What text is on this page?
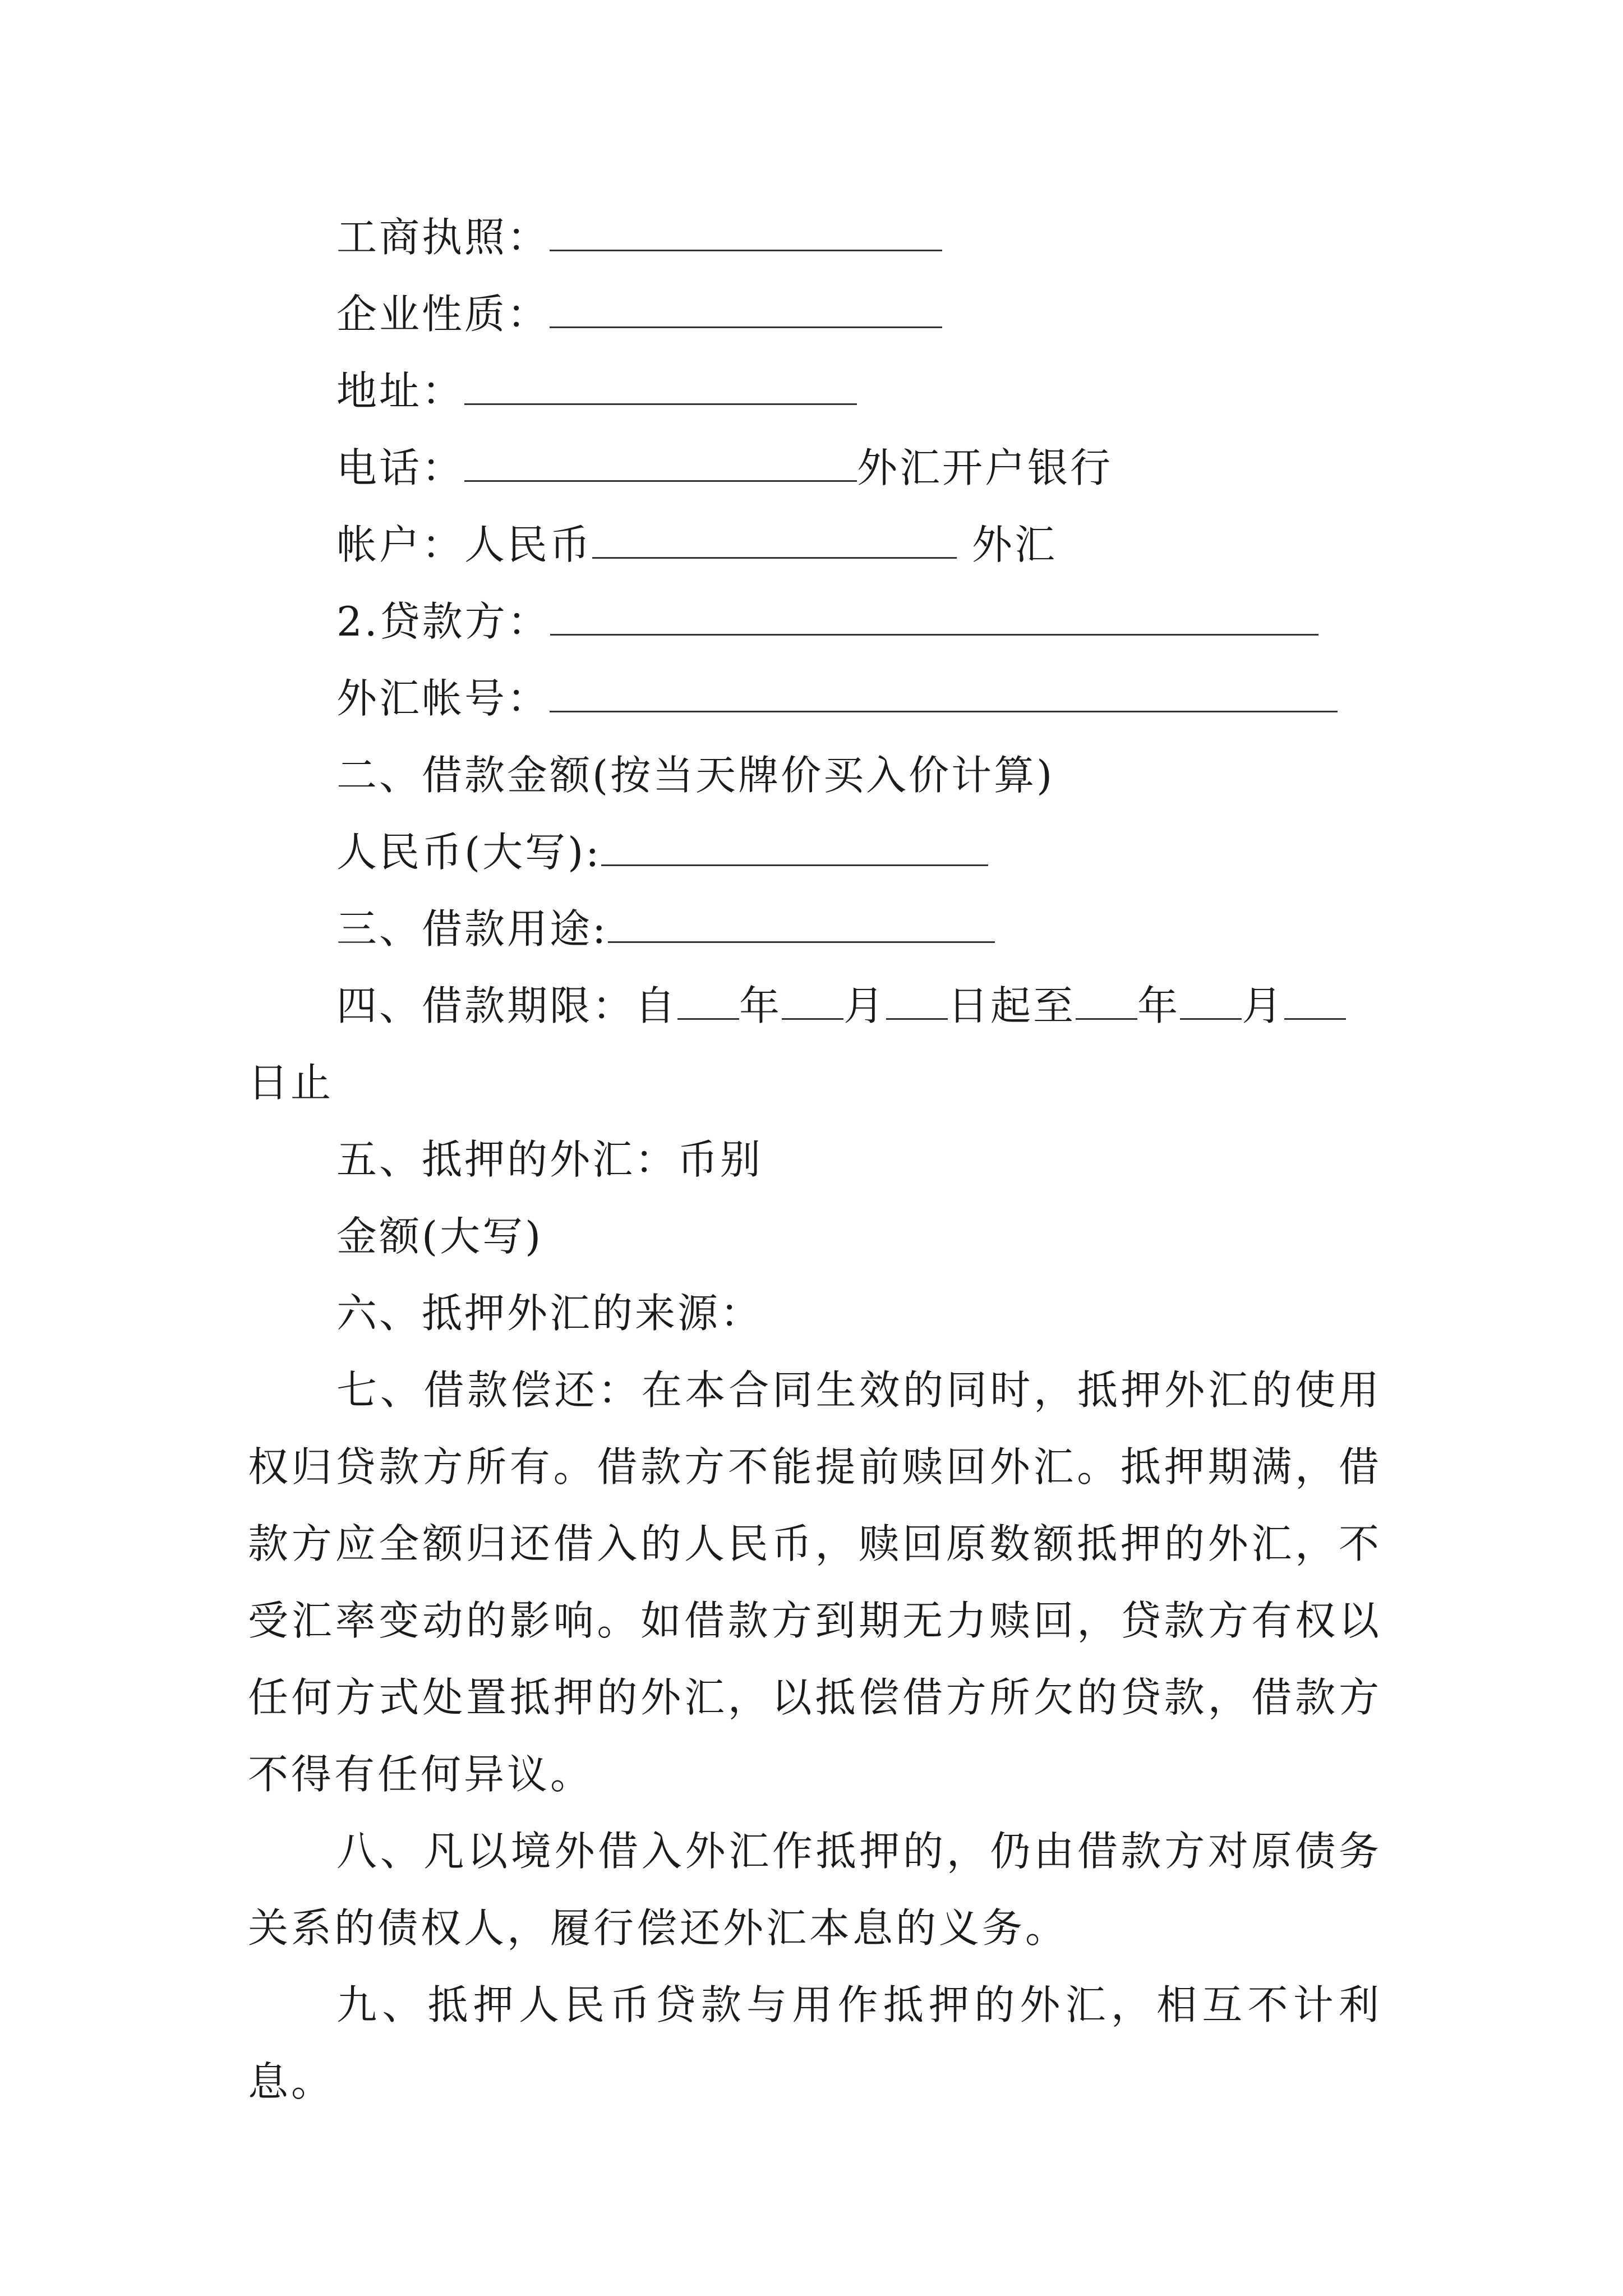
工商执照：
企业性质：
地址：
电话：	外汇开户银行
帐户：人民币	外汇
2.贷款方：
外汇帐号：
二、借款金额(按当天牌价买入价计算)
人民币(大写):
三、借款用途:
四、借款期限：自 年 月 日起至 年 月
日止
五、抵押的外汇：币别
金额(大写)
六、抵押外汇的来源：

七、借款偿还：在本合同生效的同时，抵押外汇的使用权归贷款方所有。借款方不能提前赎回外汇。抵押期满，借款方应全额归还借入的人民币，赎回原数额抵押的外汇，不受汇率变动的影响。如借款方到期无力赎回，贷款方有权以任何方式处置抵押的外汇，以抵偿借方所欠的贷款，借款方不得有任何异议。

八、凡以境外借入外汇作抵押的，仍由借款方对原债务关系的债权人，履行偿还外汇本息的义务。

九、抵押人民币贷款与用作抵押的外汇，相互不计利息。
